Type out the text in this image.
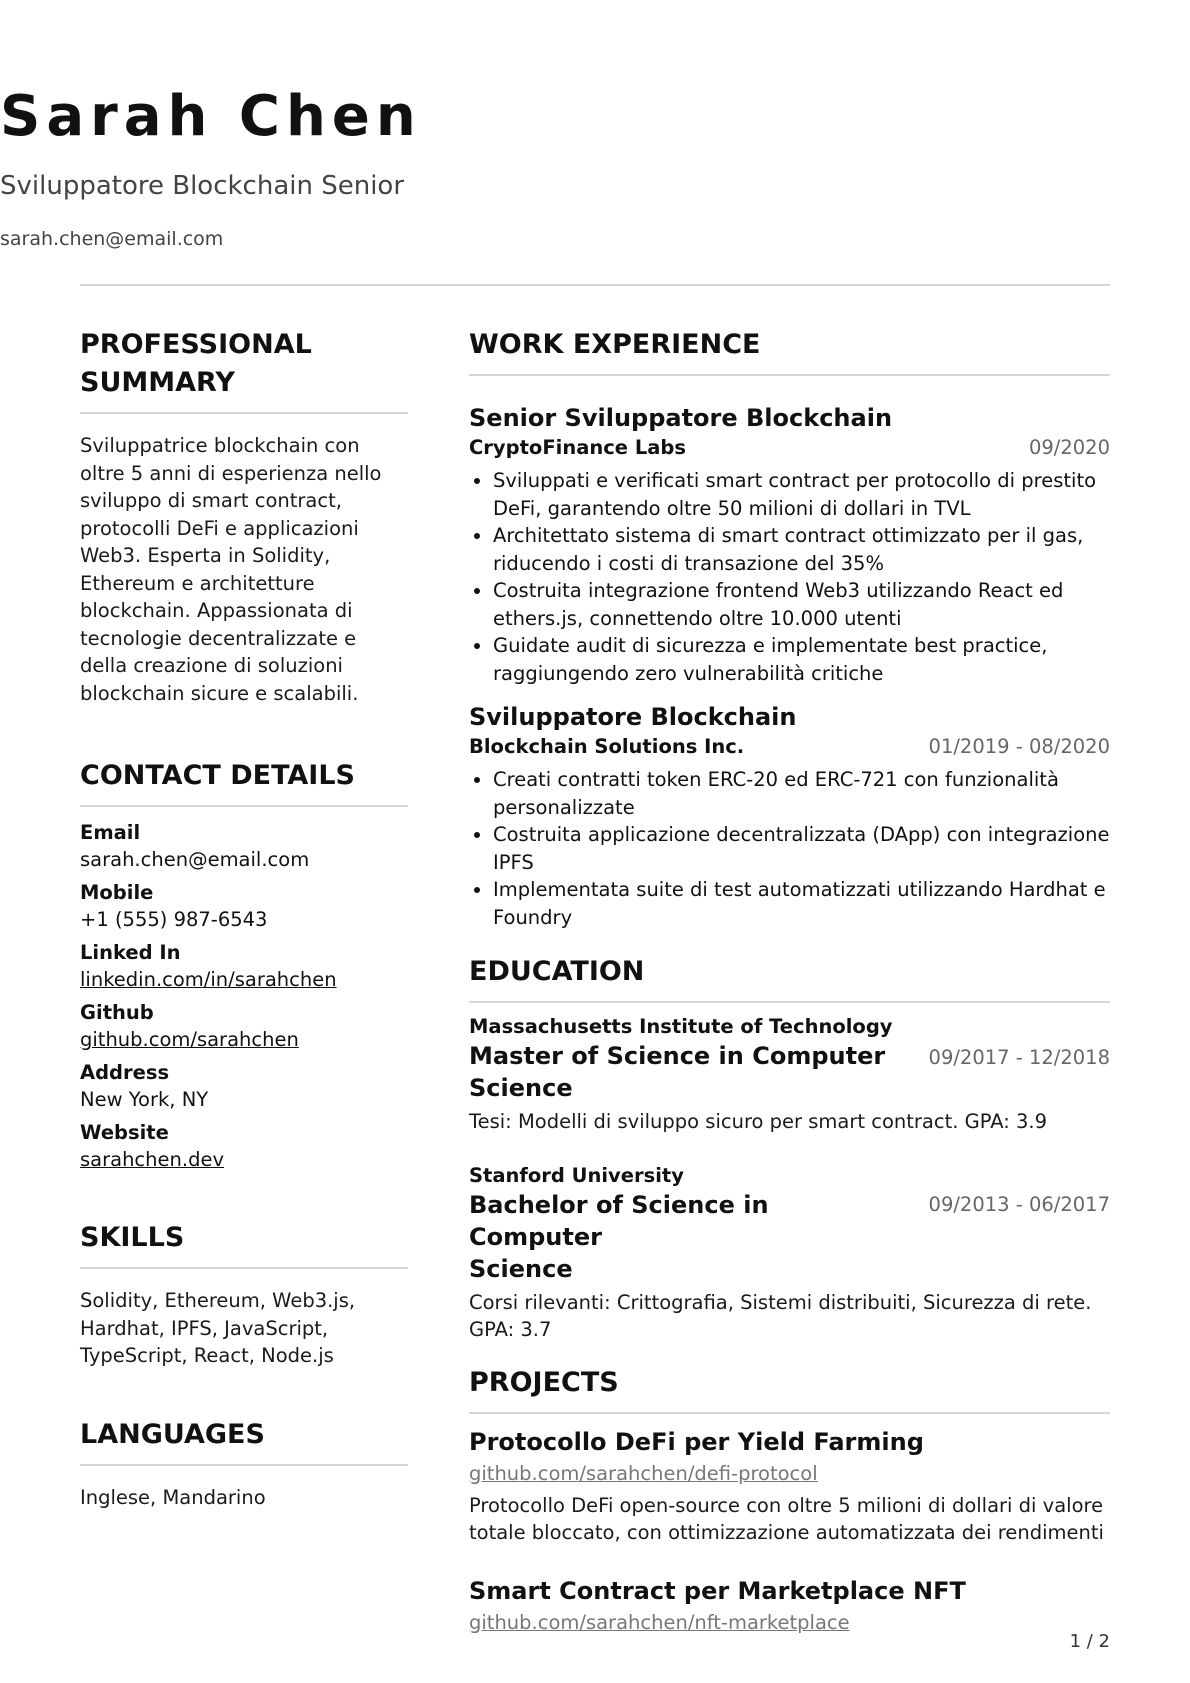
Sarah Chen
Sviluppatore Blockchain Senior
sarah.chen@email.com
PROFESSIONAL
SUMMARY
Sviluppatrice blockchain con oltre 5 anni di esperienza nello sviluppo di smart contract, protocolli DeFi e applicazioni Web3. Esperta in Solidity, Ethereum e architetture blockchain. Appassionata di tecnologie decentralizzate e della creazione di soluzioni blockchain sicure e scalabili.
CONTACT DETAILS
Email
sarah.chen@email.com
Mobile
+1 (555) 987-6543
Linked In
linkedin.com/in/sarahchen
Github
github.com/sarahchen
Address
New York, NY
Website
sarahchen.dev
SKILLS
Solidity, Ethereum, Web3.js, Hardhat, IPFS, JavaScript, TypeScript, React, Node.js
LANGUAGES
Inglese, Mandarino
WORK EXPERIENCE
Senior Sviluppatore Blockchain
CryptoFinance Labs	09/2020
• Sviluppati e verificati smart contract per protocollo di prestito DeFi, garantendo oltre 50 milioni di dollari in TVL
• Architettato sistema di smart contract ottimizzato per il gas, riducendo i costi di transazione del 35%
• Costruita integrazione frontend Web3 utilizzando React ed ethers.js, connettendo oltre 10.000 utenti
• Guidate audit di sicurezza e implementate best practice, raggiungendo zero vulnerabilità critiche
Sviluppatore Blockchain
Blockchain Solutions Inc.	01/2019 - 08/2020
• Creati contratti token ERC-20 ed ERC-721 con funzionalità personalizzate
• Costruita applicazione decentralizzata (DApp) con integrazione IPFS
• Implementata suite di test automatizzati utilizzando Hardhat e Foundry
EDUCATION
Massachusetts Institute of Technology
Master of Science in Computer Science
09/2017 - 12/2018
Tesi: Modelli di sviluppo sicuro per smart contract. GPA: 3.9
Stanford University
Bachelor of Science in Computer
Science
09/2013 - 06/2017
Corsi rilevanti: Crittografia, Sistemi distribuiti, Sicurezza di rete. GPA: 3.7
PROJECTS
Protocollo DeFi per Yield Farming
github.com/sarahchen/defi-protocol
Protocollo DeFi open-source con oltre 5 milioni di dollari di valore totale bloccato, con ottimizzazione automatizzata dei rendimenti
Smart Contract per Marketplace NFT
github.com/sarahchen/nft-marketplace
1 / 2
